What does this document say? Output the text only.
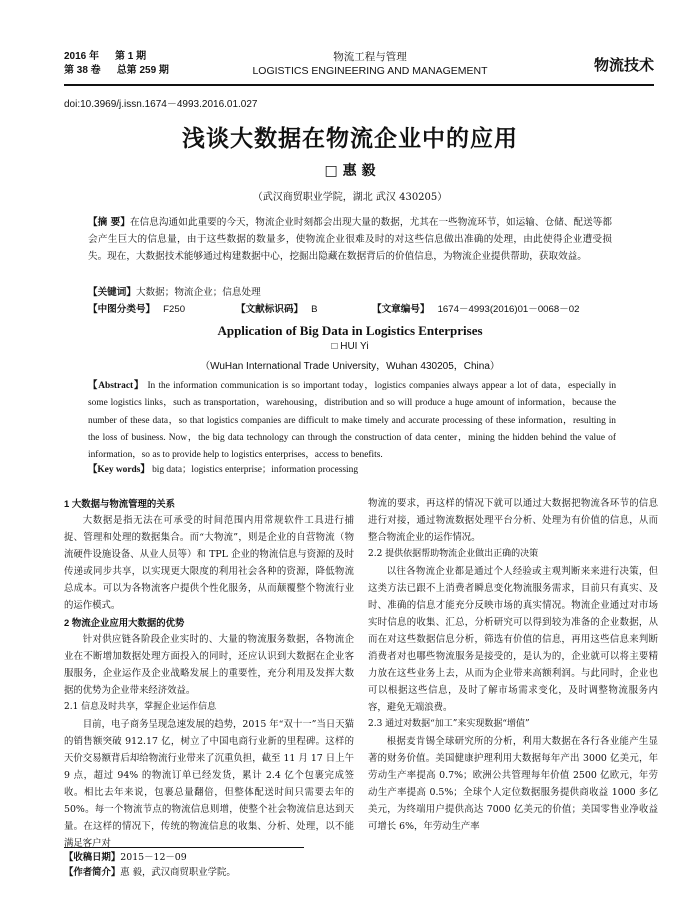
2016 年 第 1 期
第 38 卷 总第 259 期
物流工程与管理
LOGISTICS ENGINEERING AND MANAGEMENT	物流技术
doi:10.3969/j.issn.1674－4993.2016.01.027
浅谈大数据在物流企业中的应用
□ 惠 毅
（武汉商贸职业学院，湖北 武汉 430205）
【摘 要】在信息沟通如此重要的今天，物流企业时刻都会出现大量的数据，尤其在一些物流环节，如运输、仓储、配送等都会产生巨大的信息量，由于这些数据的数量多，使物流企业很难及时的对这些信息做出准确的处理，由此使得企业遭受损失。现在，大数据技术能够通过构建数据中心，挖掘出隐藏在数据背后的价值信息，为物流企业提供帮助，获取效益。
【关键词】大数据；物流企业；信息处理
【中图分类号】 F250	【文献标识码】 B	【文章编号】 1674－4993(2016)01－0068－02
Application of Big Data in Logistics Enterprises
□ HUI Yi
（WuHan International Trade University，Wuhan 430205，China）
【Abstract】 In the information communication is so important today，logistics companies always appear a lot of data，especially in some logistics links，such as transportation，warehousing，distribution and so will produce a huge amount of information，because the number of these data，so that logistics companies are difficult to make timely and accurate processing of these information，resulting in the loss of business. Now，the big data technology can through the construction of data center，mining the hidden behind the value of information，so as to provide help to logistics enterprises，access to benefits.
【Key words】 big data；logistics enterprise；information processing
1 大数据与物流管理的关系

大数据是指无法在可承受的时间范围内用常规软件工具进行捕捉、管理和处理的数据集合。而“大物流”，则是企业的自营物流（物流硬件设施设备、从业人员等）和 TPL 企业的物流信息与资源的及时传递或同步共享，以实现更大限度的利用社会各种的资源，降低物流总成本。可以为各物流客户提供个性化服务，从而颠覆整个物流行业的运作模式。

2 物流企业应用大数据的优势

针对供应链各阶段企业实时的、大量的物流服务数据，各物流企业在不断增加数据处理方面投入的同时，还应认识到大数据在企业客服服务，企业运作及企业战略发展上的重要性，充分利用及发挥大数据的优势为企业带来经济效益。

2.1 信息及时共享，掌握企业运作信息

目前，电子商务呈现急速发展的趋势，2015 年“双十一”当日天猫的销售额突破 912.17 亿，树立了中国电商行业新的里程碑。这样的天价交易额背后却给物流行业带来了沉重负担，截至 11 月 17 日上午 9 点，超过 94% 的物流订单已经发货，累计 2.4 亿个包裹完成签收。相比去年来说，包裹总量翻倍，但整体配送时间只需要去年的 50%。每一个物流节点的物流信息则增，使整个社会物流信息达到天量。在这样的情况下，传统的物流信息的收集、分析、处理，以不能满足客户对

物流的要求，再这样的情况下就可以通过大数据把物流各环节的信息进行对接，通过物流数据处理平台分析、处理为有价值的信息，从而整合物流企业的运作情况。

2.2 提供依据帮助物流企业做出正确的决策

以往各物流企业都是通过个人经验或主观判断来来进行决策，但这类方法已跟不上消费者瞬息变化物流服务需求，目前只有真实、及时、准确的信息才能充分反映市场的真实情况。物流企业通过对市场实时信息的收集、汇总，分析研究可以得到较为准备的企业数据，从而在对这些数据信息分析，筛选有价值的信息，再用这些信息来判断消费者对也哪些物流服务是接受的，是认为的，企业就可以将主要精力放在这些业务上去，从而为企业带来高额利润。与此同时，企业也可以根据这些信息，及时了解市场需求变化，及时调整物流服务内容，避免无端浪费。

2.3 通过对数据“加工”来实现数据“增值”

根据麦肯锡全球研究所的分析，利用大数据在各行各业能产生显著的财务价值。美国健康护理利用大数据每年产出 3000 亿美元，年劳动生产率提高 0.7%；欧洲公共管理每年价值 2500 亿欧元，年劳动生产率提高 0.5%；全球个人定位数据服务提供商收益 1000 多亿美元，为终端用户提供高达 7000 亿美元的价值；美国零售业净收益可增长 6%，年劳动生产率

【收稿日期】2015－12－09
【作者简介】惠 毅，武汉商贸职业学院。
